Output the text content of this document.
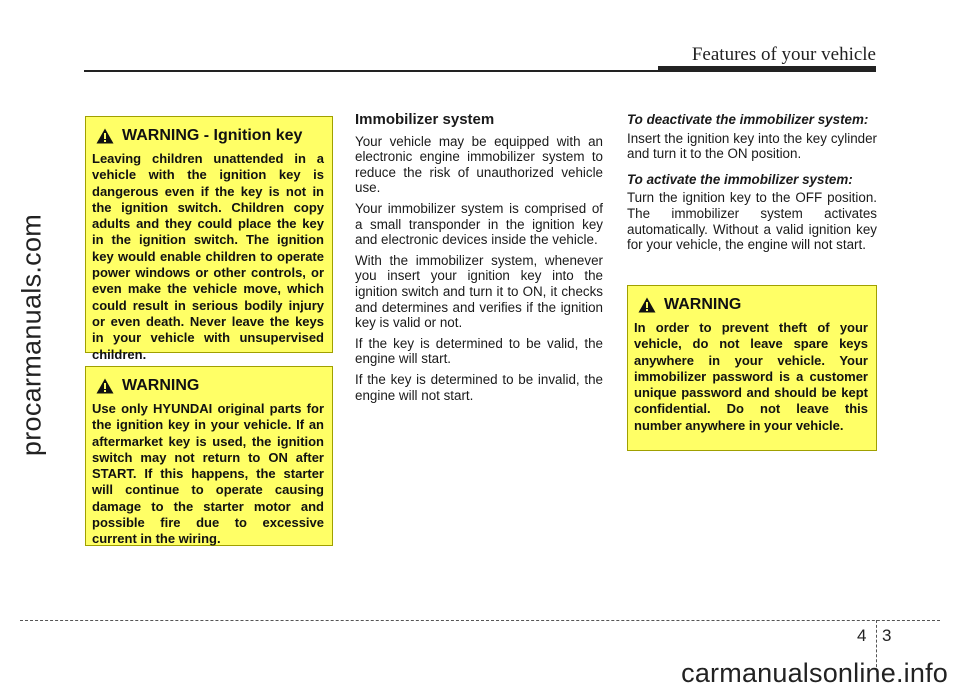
Features of your vehicle
procarmanuals.com
WARNING - Ignition key

Leaving children unattended in a vehicle with the ignition key is dangerous even if the key is not in the ignition switch. Children copy adults and they could place the key in the ignition switch. The ignition key would enable children to operate power windows or other controls, or even make the vehicle move, which could result in serious bodily injury or even death. Never leave the keys in your vehicle with unsupervised children.

WARNING

Use only HYUNDAI original parts for the ignition key in your vehicle. If an aftermarket key is used, the ignition switch may not return to ON after START. If this happens, the starter will continue to operate causing damage to the starter motor and possible fire due to excessive current in the wiring.

Immobilizer system

Your vehicle may be equipped with an electronic engine immobilizer system to reduce the risk of unauthorized vehicle use.

Your immobilizer system is comprised of a small transponder in the ignition key and electronic devices inside the vehicle.

With the immobilizer system, whenever you insert your ignition key into the ignition switch and turn it to ON, it checks and determines and verifies if the ignition key is valid or not.

If the key is determined to be valid, the engine will start.

If the key is determined to be invalid, the engine will not start.

To deactivate the immobilizer system:

Insert the ignition key into the key cylinder and turn it to the ON position.

To activate the immobilizer system:

Turn the ignition key to the OFF position. The immobilizer system activates automatically. Without a valid ignition key for your vehicle, the engine will not start.

WARNING

In order to prevent theft of your vehicle, do not leave spare keys anywhere in your vehicle. Your immobilizer password is a customer unique password and should be kept confidential. Do not leave this number anywhere in your vehicle.

4 3
carmanualsonline.info
